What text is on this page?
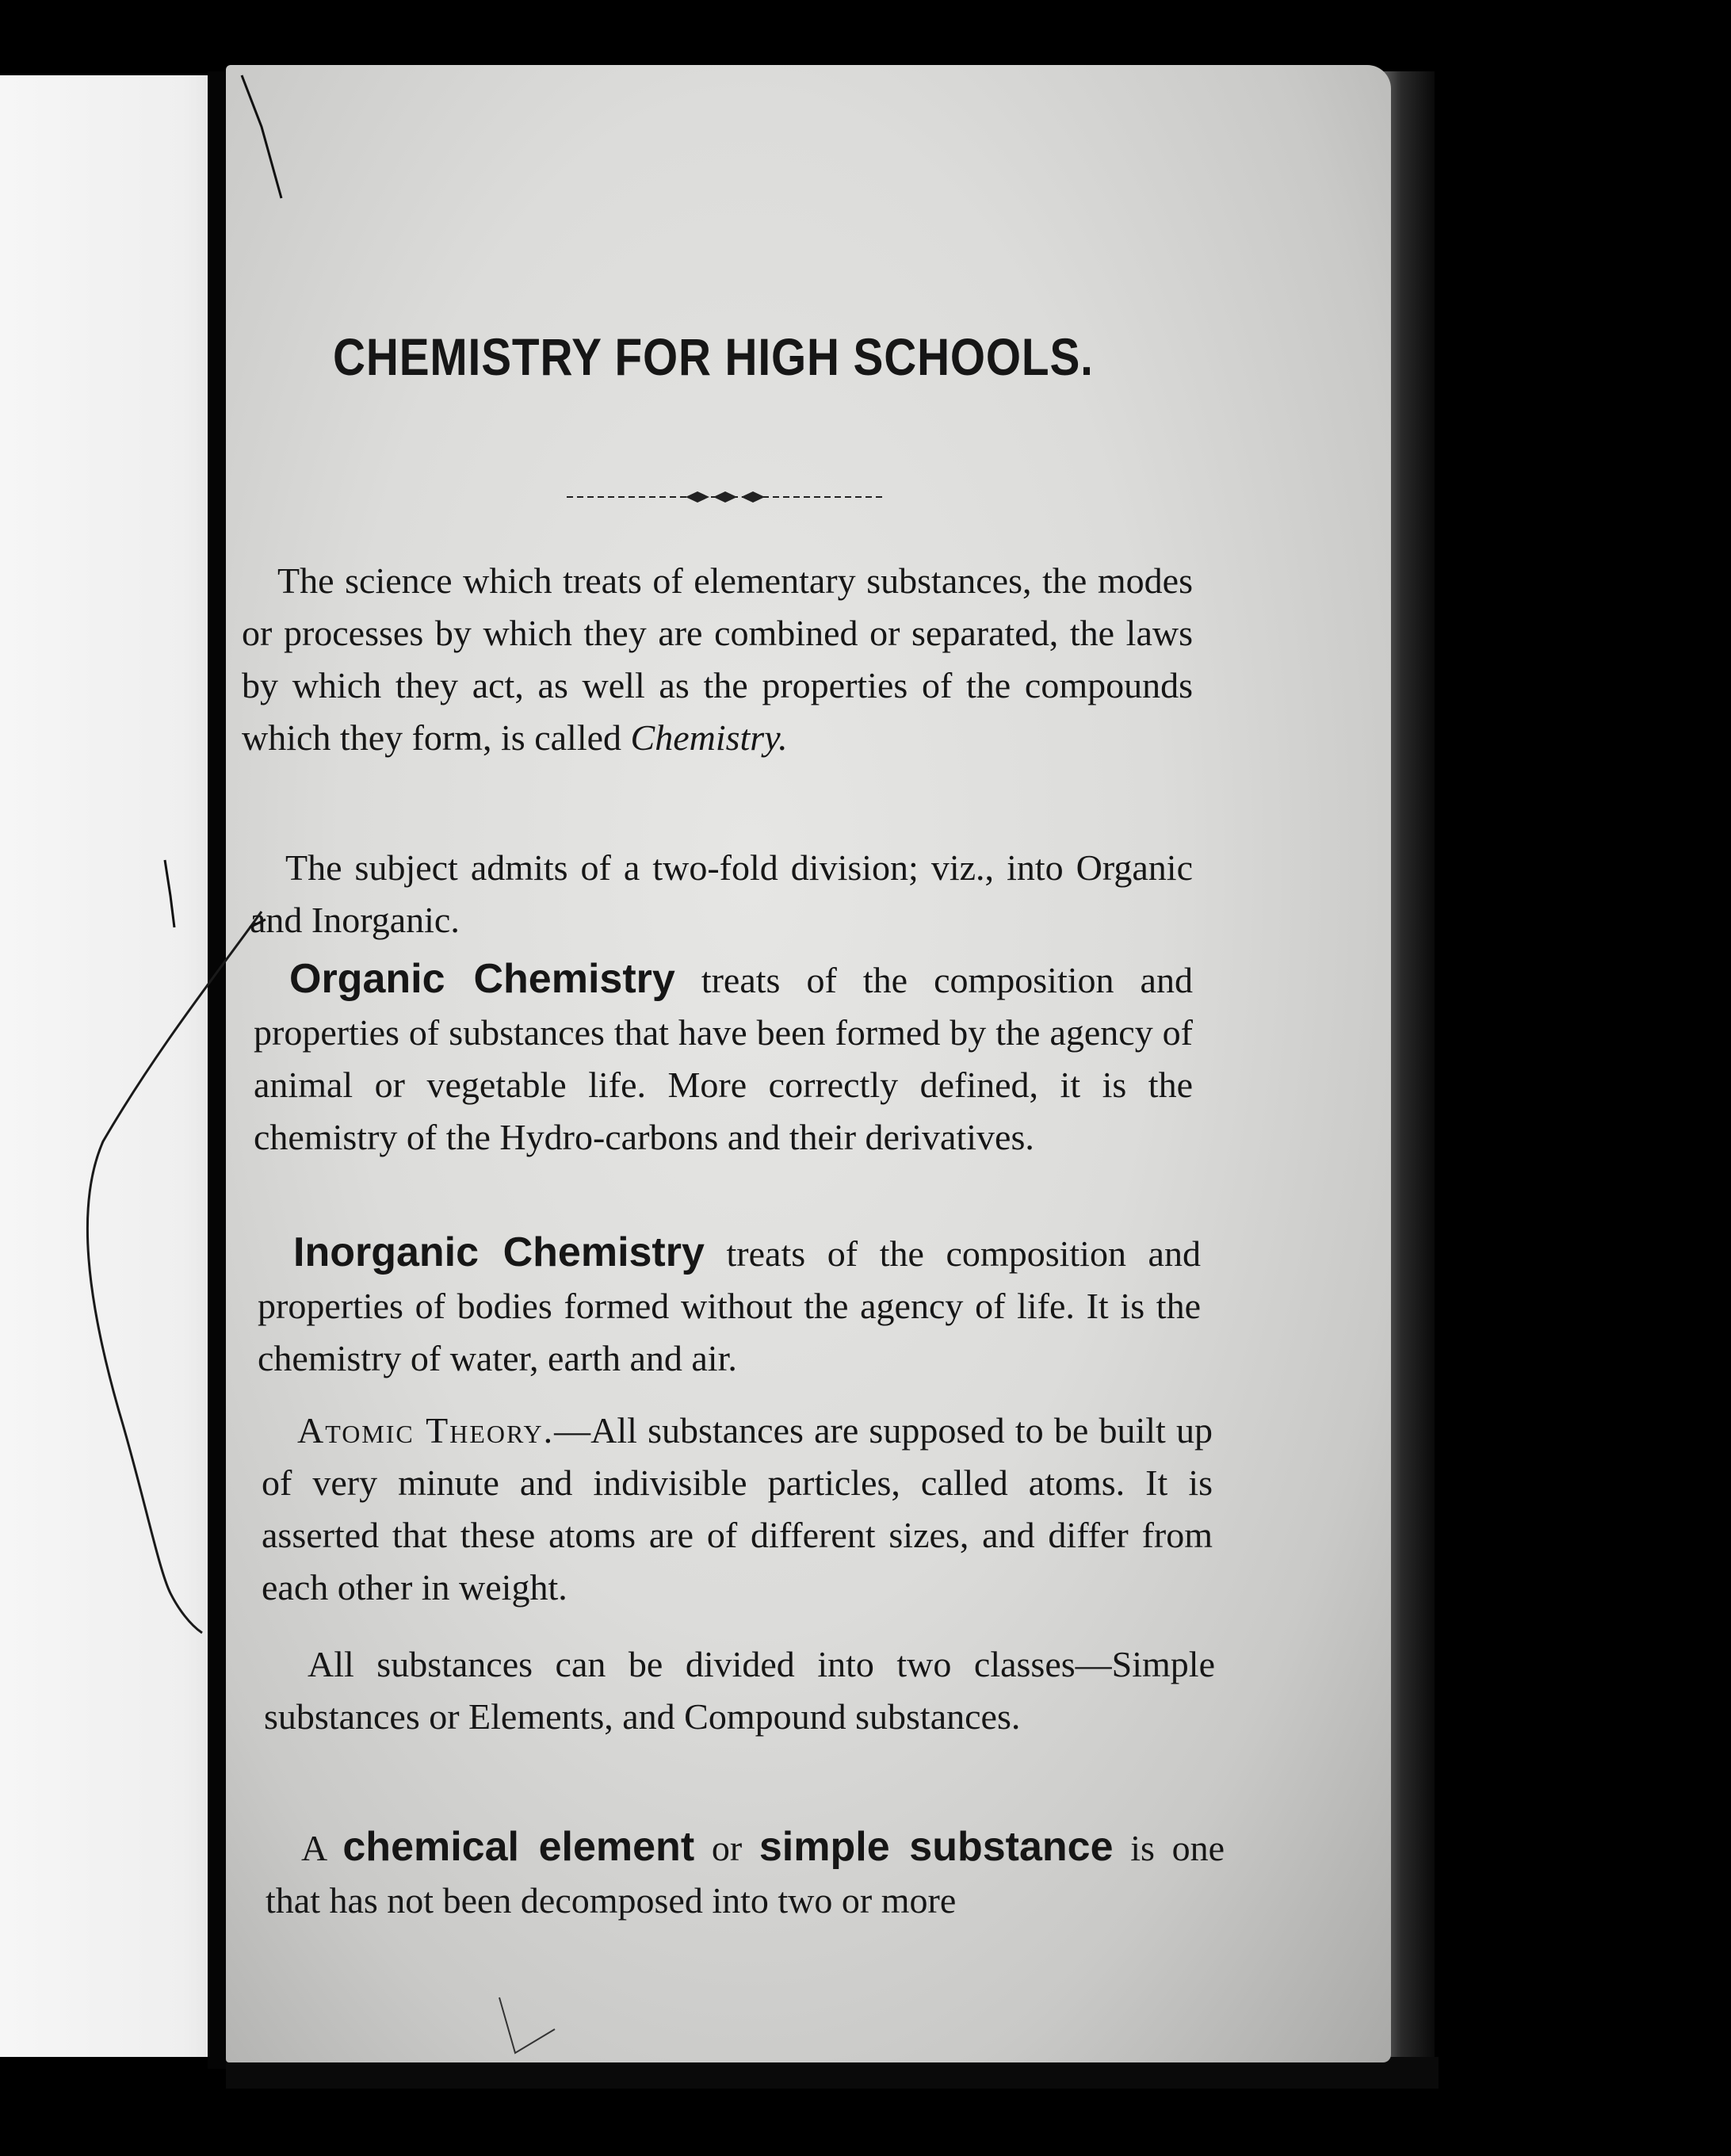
CHEMISTRY FOR HIGH SCHOOLS.

The science which treats of elementary substances, the modes or processes by which they are combined or separated, the laws by which they act, as well as the properties of the compounds which they form, is called Chemistry.

The subject admits of a two-fold division; viz., into Organic and Inorganic.

Organic Chemistry treats of the composition and properties of substances that have been formed by the agency of animal or vegetable life. More correctly defined, it is the chemistry of the Hydro-carbons and their derivatives.

Inorganic Chemistry treats of the composition and properties of bodies formed without the agency of life. It is the chemistry of water, earth and air.

Atomic Theory.—All substances are supposed to be built up of very minute and indivisible particles, called atoms. It is asserted that these atoms are of different sizes, and differ from each other in weight.

All substances can be divided into two classes—Simple substances or Elements, and Compound substances.

A chemical element or simple substance is one that has not been decomposed into two or more
